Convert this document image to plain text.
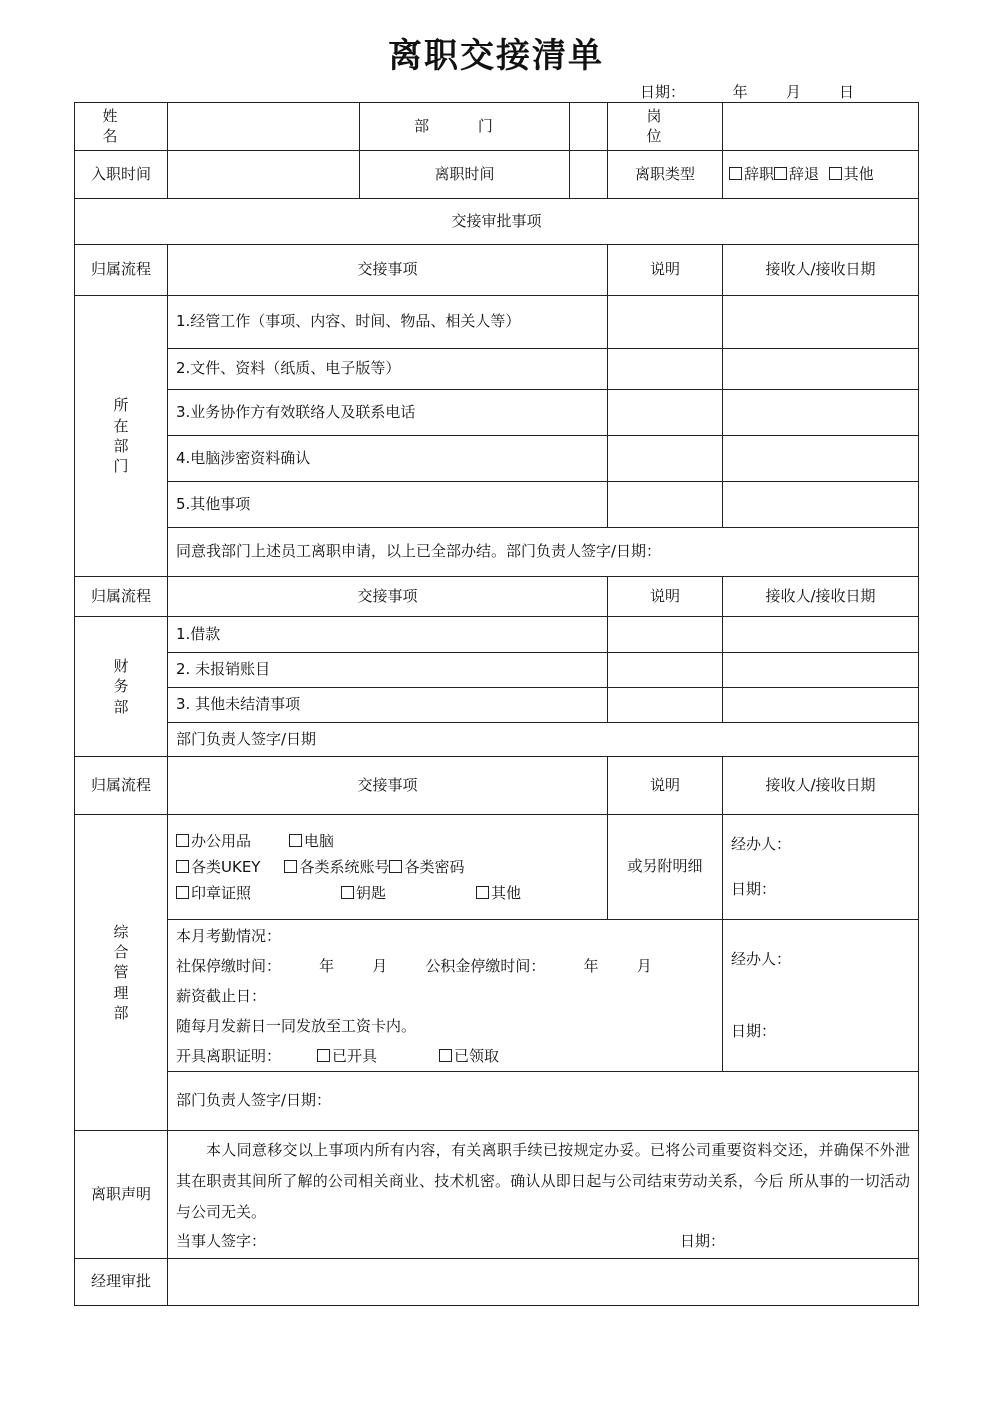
离职交接清单
日期：          年        月        日
姓 名		部 门		岗 位	
入职时间		离职时间		离职类型	辞职 辞退 其他
交接审批事项					
归属流程	交接事项			说明	接收人/接收日期
所在部门	1.经管工作（事项、内容、时间、物品、相关人等）				
	2.文件、资料（纸质、电子版等）				
	3.业务协作方有效联络人及联系电话				
	4.电脑涉密资料确认				
	5.其他事项				
	同意我部门上述员工离职申请，以上已全部办结。部门负责人签字/日期：				
归属流程	交接事项			说明	接收人/接收日期
财务部	1.借款				
	2. 未报销账目				
	3. 其他未结清事项				
	部门负责人签字/日期				
归属流程	交接事项			说明	接收人/接收日期
综合管理部	办公用品 电脑
各类UKEY 各类系统账号 各类密码
印章证照 钥匙 其他			或另附明细	经办人：
日期：

	本月考勤情况：
社保停缴时间：        年        月        公积金停缴时间：        年        月
薪资截止日：
随每月发薪日一同发放至工资卡内。
开具离职证明： 已开具 已领取				经办人：
日期：

	部门负责人签字/日期：				
离职声明	本人同意移交以上事项内所有内容，有关离职手续已按规定办妥。已将公司重要资料交还，并确保不外泄其在职责其间所了解的公司相关商业、技术机密。确认从即日起与公司结束劳动关系，今后 所从事的一切活动与公司无关。
当事人签字： 日期：				

经理审批					
